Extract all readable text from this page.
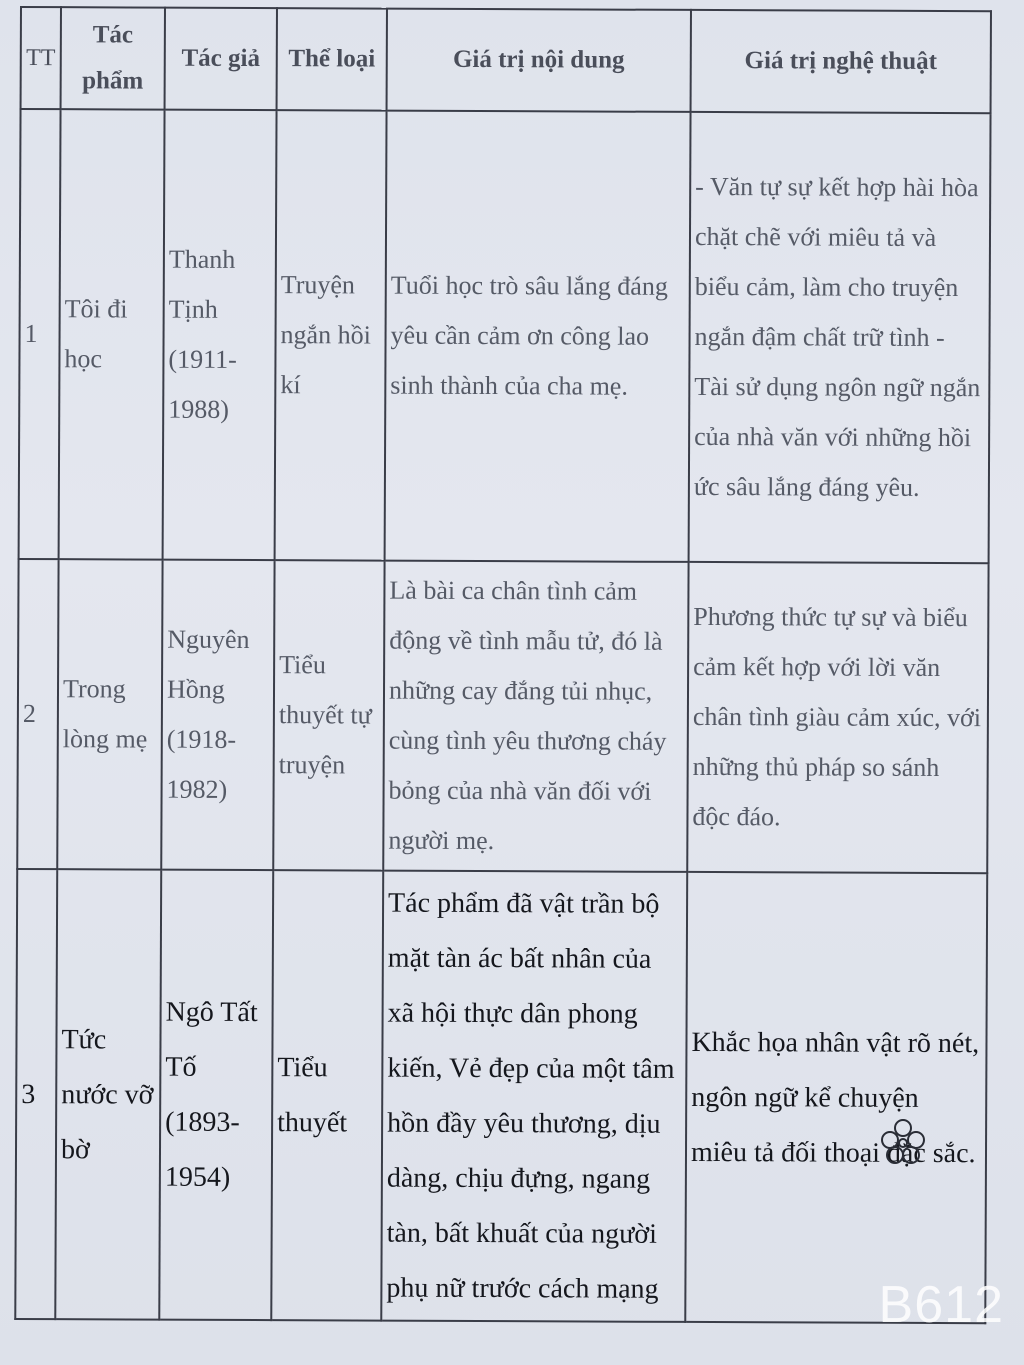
TT	Tác phẩm	Tác giả	Thể loại	Giá trị nội dung	Giá trị nghệ thuật
1	Tôi đi học	Thanh Tịnh (1911-1988)	Truyện ngắn hồi kí	Tuổi học trò sâu lắng đáng yêu cần cảm ơn công lao sinh thành của cha mẹ.	- Văn tự sự kết hợp hài hòa chặt chẽ với miêu tả và biểu cảm, làm cho truyện ngắn đậm chất trữ tình - Tài sử dụng ngôn ngữ ngắn của nhà văn với những hồi ức sâu lắng đáng yêu.
2	Trong lòng mẹ	Nguyên Hồng (1918-1982)	Tiểu thuyết tự truyện	Là bài ca chân tình cảm động về tình mẫu tử, đó là những cay đắng tủi nhục, cùng tình yêu thương cháy bỏng của nhà văn đối với người mẹ.	Phương thức tự sự và biểu cảm kết hợp với lời văn chân tình giàu cảm xúc, với những thủ pháp so sánh độc đáo.
3	Tức nước vỡ bờ	Ngô Tất Tố (1893-1954)	Tiểu thuyết	Tác phẩm đã vật trần bộ mặt tàn ác bất nhân của xã hội thực dân phong kiến, Vẻ đẹp của một tâm hồn đầy yêu thương, dịu dàng, chịu đựng, ngang tàn, bất khuất của người phụ nữ trước cách mạng	Khắc họa nhân vật rõ nét, ngôn ngữ kể chuyện miêu tả đối thoại đặc sắc.
B612
